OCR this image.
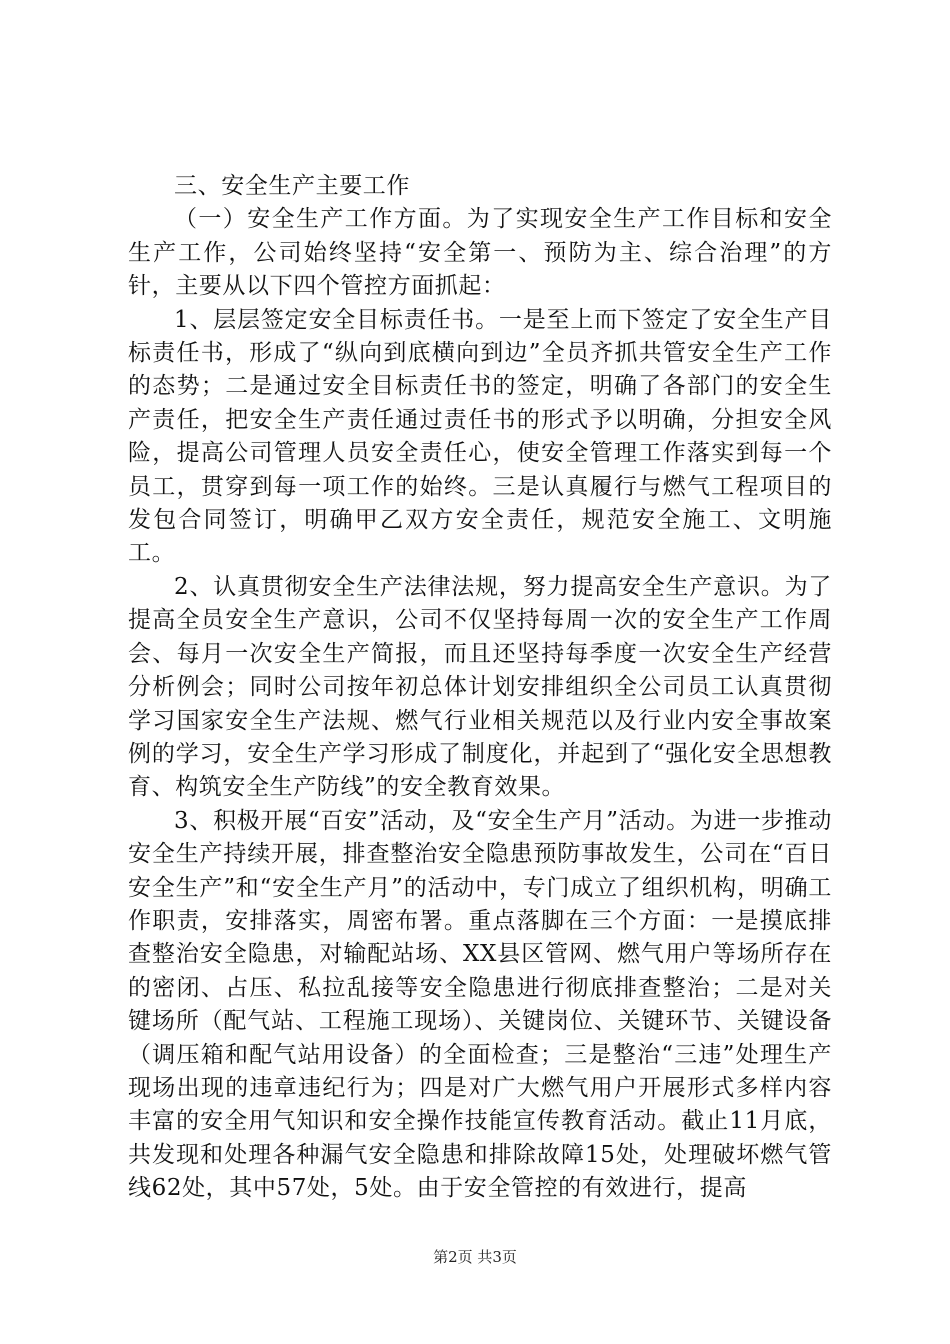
三、安全生产主要工作

（一）安全生产工作方面。为了实现安全生产工作目标和安全生产工作，公司始终坚持“安全第一、预防为主、综合治理”的方针，主要从以下四个管控方面抓起：

1、层层签定安全目标责任书。一是至上而下签定了安全生产目标责任书，形成了“纵向到底横向到边”全员齐抓共管安全生产工作的态势；二是通过安全目标责任书的签定，明确了各部门的安全生产责任，把安全生产责任通过责任书的形式予以明确，分担安全风险，提高公司管理人员安全责任心，使安全管理工作落实到每一个员工，贯穿到每一项工作的始终。三是认真履行与燃气工程项目的发包合同签订，明确甲乙双方安全责任，规范安全施工、文明施工。

2、认真贯彻安全生产法律法规，努力提高安全生产意识。为了提高全员安全生产意识，公司不仅坚持每周一次的安全生产工作周会、每月一次安全生产简报，而且还坚持每季度一次安全生产经营分析例会；同时公司按年初总体计划安排组织全公司员工认真贯彻学习国家安全生产法规、燃气行业相关规范以及行业内安全事故案例的学习，安全生产学习形成了制度化，并起到了“强化安全思想教育、构筑安全生产防线”的安全教育效果。

3、积极开展“百安”活动，及“安全生产月”活动。为进一步推动安全生产持续开展，排查整治安全隐患预防事故发生，公司在“百日安全生产”和“安全生产月”的活动中，专门成立了组织机构，明确工作职责，安排落实，周密布署。重点落脚在三个方面：一是摸底排查整治安全隐患，对输配站场、XX县区管网、燃气用户等场所存在的密闭、占压、私拉乱接等安全隐患进行彻底排查整治；二是对关键场所（配气站、工程施工现场）、关键岗位、关键环节、关键设备（调压箱和配气站用设备）的全面检查；三是整治“三违”处理生产现场出现的违章违纪行为；四是对广大燃气用户开展形式多样内容丰富的安全用气知识和安全操作技能宣传教育活动。截止11月底，共发现和处理各种漏气安全隐患和排除故障15处，处理破坏燃气管线62处，其中57处，5处。由于安全管控的有效进行，提高

第2页 共3页
